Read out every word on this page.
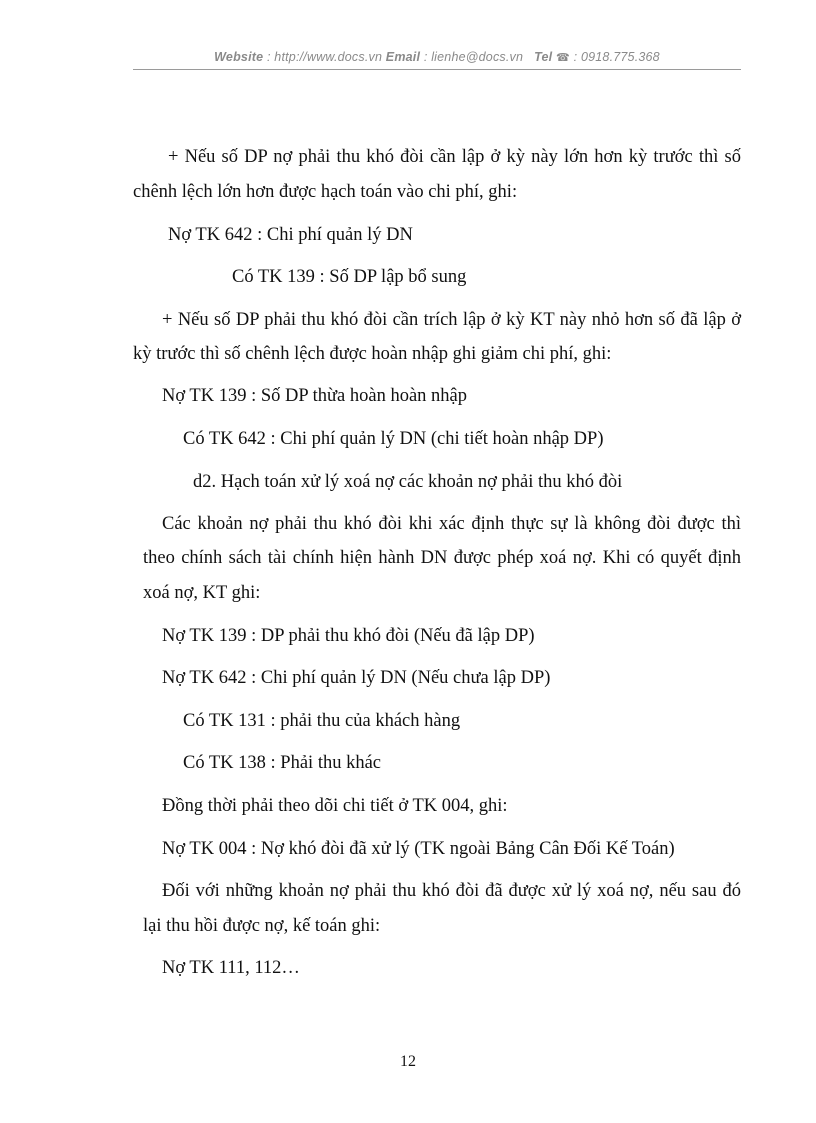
Website : http://www.docs.vn Email : lienhe@docs.vn Tel ☎ : 0918.775.368
+ Nếu số DP nợ phải thu khó đòi cần lập ở kỳ này lớn hơn kỳ trước thì số
chênh lệch lớn hơn được hạch toán vào chi phí, ghi:
Nợ TK 642 : Chi phí quản lý DN
Có TK 139 : Số DP lập bổ sung
+ Nếu số DP phải thu khó đòi cần trích lập ở kỳ KT này nhỏ hơn số đã lập ở
kỳ trước thì số chênh lệch được hoàn nhập ghi giảm chi phí, ghi:
Nợ TK 139 : Số DP thừa hoàn hoàn nhập
Có TK 642 : Chi phí quản lý DN (chi tiết hoàn nhập DP)
d2. Hạch toán xử lý xoá nợ các khoản nợ phải thu khó đòi
Các khoản nợ phải thu khó đòi khi xác định thực sự là không đòi được thì
theo chính sách tài chính hiện hành DN được phép xoá nợ. Khi có quyết định
xoá nợ, KT ghi:
Nợ TK 139 : DP phải thu khó đòi (Nếu đã lập DP)
Nợ TK 642 : Chi phí quản lý DN (Nếu chưa lập DP)
Có TK 131 : phải thu của khách hàng
Có TK 138 : Phải thu khác
Đồng thời phải theo dõi chi tiết ở TK 004, ghi:
Nợ TK 004 : Nợ khó đòi đã xử lý (TK ngoài Bảng Cân Đối Kế Toán)
Đối với những khoản nợ phải thu khó đòi đã được xử lý xoá nợ, nếu sau đó
lại thu hồi được nợ, kế toán ghi:
Nợ TK 111, 112…
12
